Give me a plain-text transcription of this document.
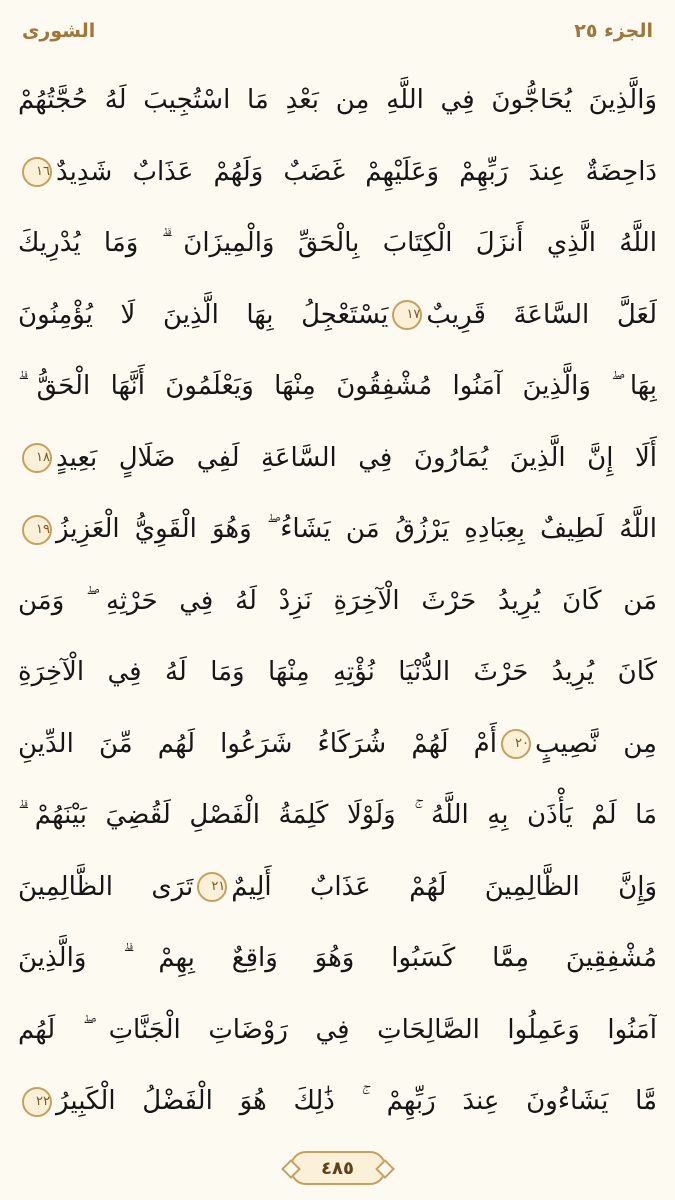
الجزء ٢٥
الشورى
وَالَّذِينَ يُحَاجُّونَ فِي اللَّهِ مِن بَعْدِ مَا اسْتُجِيبَ لَهُ حُجَّتُهُمْ
دَاحِضَةٌ عِندَ رَبِّهِمْ وَعَلَيْهِمْ غَضَبٌ وَلَهُمْ عَذَابٌ شَدِيدٌ١٦
اللَّهُ الَّذِي أَنزَلَ الْكِتَابَ بِالْحَقِّ وَالْمِيزَانَ ۗ وَمَا يُدْرِيكَ
لَعَلَّ السَّاعَةَ قَرِيبٌ١٧يَسْتَعْجِلُ بِهَا الَّذِينَ لَا يُؤْمِنُونَ
بِهَا ۖ وَالَّذِينَ آمَنُوا مُشْفِقُونَ مِنْهَا وَيَعْلَمُونَ أَنَّهَا الْحَقُّ ۗ
أَلَا إِنَّ الَّذِينَ يُمَارُونَ فِي السَّاعَةِ لَفِي ضَلَالٍ بَعِيدٍ١٨
اللَّهُ لَطِيفٌ بِعِبَادِهِ يَرْزُقُ مَن يَشَاءُ ۖ وَهُوَ الْقَوِيُّ الْعَزِيزُ١٩
مَن كَانَ يُرِيدُ حَرْثَ الْآخِرَةِ نَزِدْ لَهُ فِي حَرْثِهِ ۖ وَمَن
كَانَ يُرِيدُ حَرْثَ الدُّنْيَا نُؤْتِهِ مِنْهَا وَمَا لَهُ فِي الْآخِرَةِ
مِن نَّصِيبٍ٢٠أَمْ لَهُمْ شُرَكَاءُ شَرَعُوا لَهُم مِّنَ الدِّينِ
مَا لَمْ يَأْذَن بِهِ اللَّهُ ۚ وَلَوْلَا كَلِمَةُ الْفَصْلِ لَقُضِيَ بَيْنَهُمْ ۗ
وَإِنَّ الظَّالِمِينَ لَهُمْ عَذَابٌ أَلِيمٌ٢١تَرَى الظَّالِمِينَ
مُشْفِقِينَ مِمَّا كَسَبُوا وَهُوَ وَاقِعٌ بِهِمْ ۗ وَالَّذِينَ
آمَنُوا وَعَمِلُوا الصَّالِحَاتِ فِي رَوْضَاتِ الْجَنَّاتِ ۖ لَهُم
مَّا يَشَاءُونَ عِندَ رَبِّهِمْ ۚ ذَٰلِكَ هُوَ الْفَضْلُ الْكَبِيرُ٢٢
٤٨٥
